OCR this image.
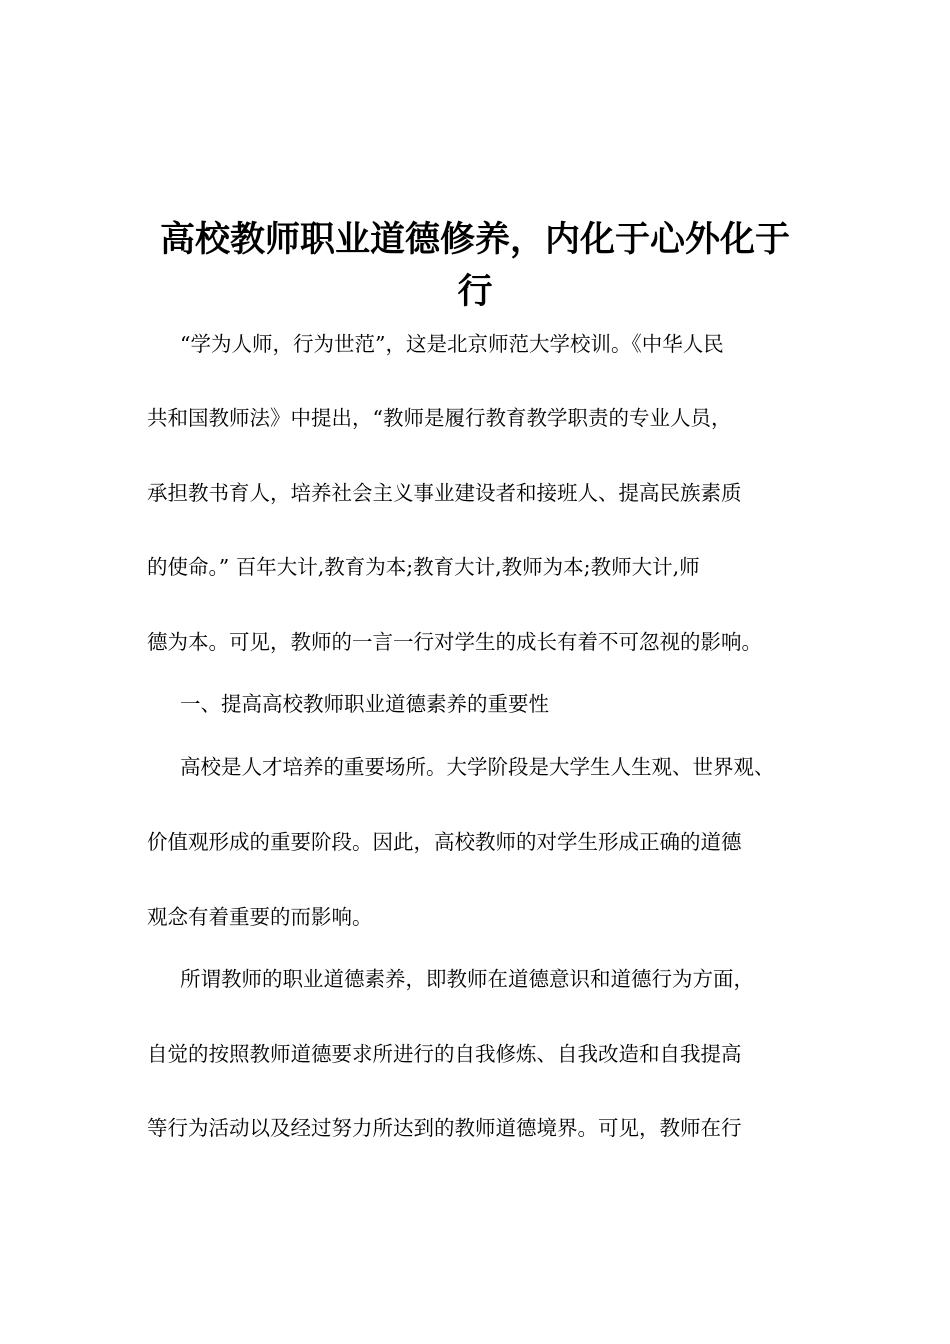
高校教师职业道德修养，内化于心外化于
行
“学为人师，行为世范”，这是北京师范大学校训。《中华人民
共和国教师法》中提出，“教师是履行教育教学职责的专业人员，
承担教书育人，培养社会主义事业建设者和接班人、提高民族素质
的使命。” 百年大计,教育为本;教育大计,教师为本;教师大计,师
德为本。可见，教师的一言一行对学生的成长有着不可忽视的影响。
一、提高高校教师职业道德素养的重要性
高校是人才培养的重要场所。大学阶段是大学生人生观、世界观、
价值观形成的重要阶段。因此，高校教师的对学生形成正确的道德
观念有着重要的而影响。
所谓教师的职业道德素养，即教师在道德意识和道德行为方面，
自觉的按照教师道德要求所进行的自我修炼、自我改造和自我提高
等行为活动以及经过努力所达到的教师道德境界。可见，教师在行
